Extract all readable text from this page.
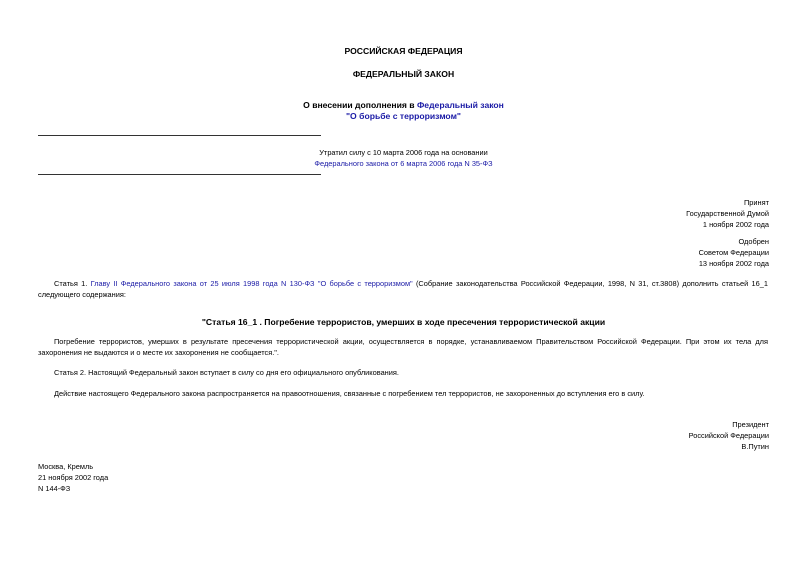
РОССИЙСКАЯ ФЕДЕРАЦИЯ
ФЕДЕРАЛЬНЫЙ ЗАКОН
О внесении дополнения в Федеральный закон
"О борьбе с терроризмом"
Утратил силу с 10 марта 2006 года на основании
Федерального закона от 6 марта 2006 года N 35-ФЗ
Принят
Государственной Думой
1 ноября 2002 года
Одобрен
Советом Федерации
13 ноября 2002 года
Статья 1. Главу II Федерального закона от 25 июля 1998 года N 130-ФЗ "О борьбе с терроризмом" (Собрание законодательства Российской Федерации, 1998, N 31, ст.3808) дополнить статьей 16_1 следующего содержания:
"Статья 16_1 . Погребение террористов, умерших в ходе пресечения террористической акции
Погребение террористов, умерших в результате пресечения террористической акции, осуществляется в порядке, устанавливаемом Правительством Российской Федерации. При этом их тела для захоронения не выдаются и о месте их захоронения не сообщается.".
Статья 2. Настоящий Федеральный закон вступает в силу со дня его официального опубликования.
Действие настоящего Федерального закона распространяется на правоотношения, связанные с погребением тел террористов, не захороненных до вступления его в силу.
Президент
Российской Федерации
В.Путин
Москва, Кремль
21 ноября 2002 года
N 144-ФЗ
